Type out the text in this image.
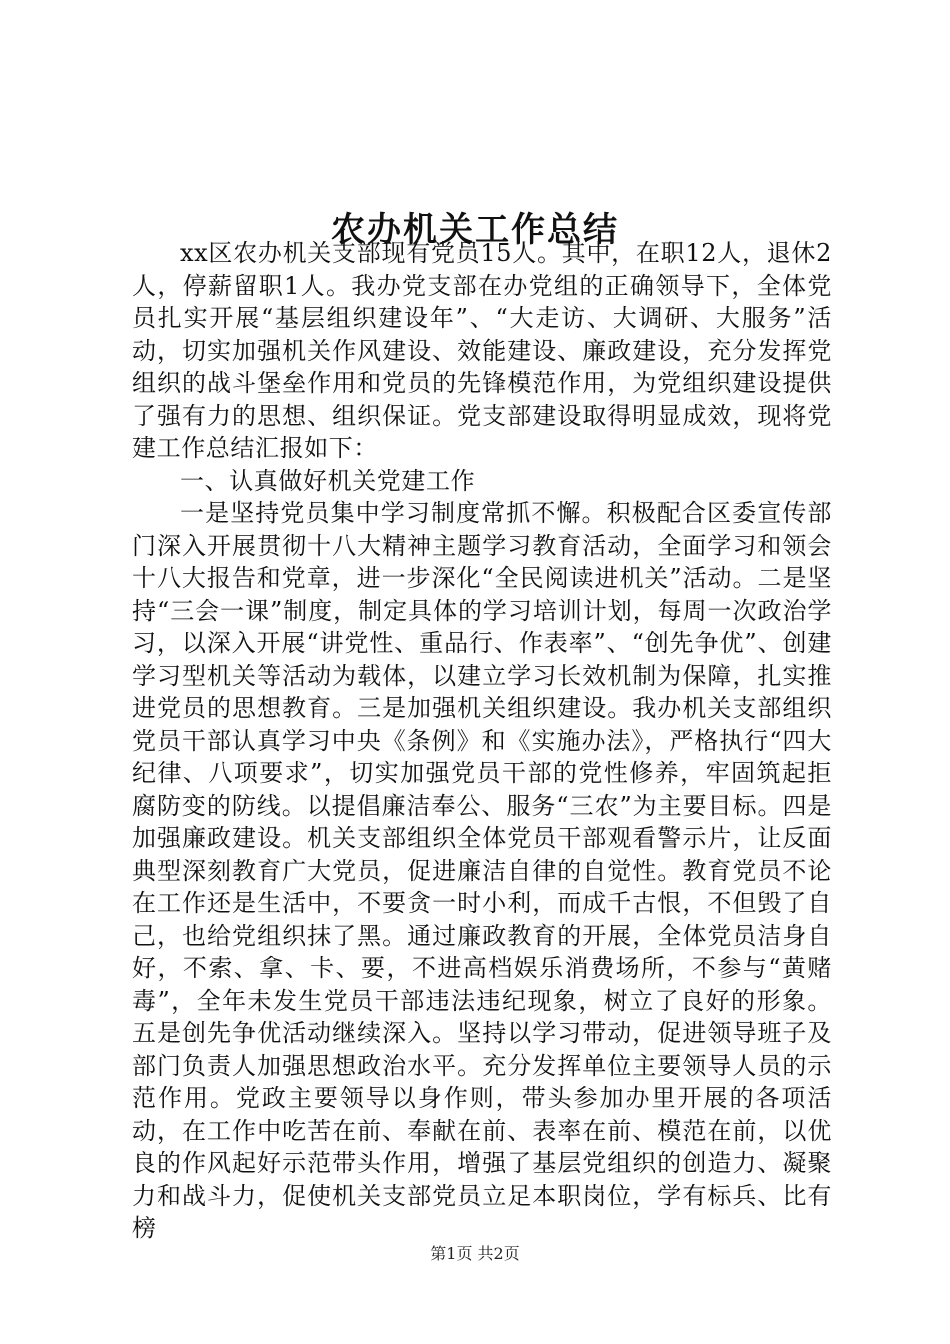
农办机关工作总结

xx区农办机关支部现有党员15人。其中，在职12人，退休2人，停薪留职1人。我办党支部在办党组的正确领导下，全体党员扎实开展“基层组织建设年”、“大走访、大调研、大服务”活动，切实加强机关作风建设、效能建设、廉政建设，充分发挥党组织的战斗堡垒作用和党员的先锋模范作用，为党组织建设提供了强有力的思想、组织保证。党支部建设取得明显成效，现将党建工作总结汇报如下：

一、认真做好机关党建工作

一是坚持党员集中学习制度常抓不懈。积极配合区委宣传部门深入开展贯彻十八大精神主题学习教育活动，全面学习和领会十八大报告和党章，进一步深化“全民阅读进机关”活动。二是坚持“三会一课”制度，制定具体的学习培训计划，每周一次政治学习，以深入开展“讲党性、重品行、作表率”、“创先争优”、创建学习型机关等活动为载体，以建立学习长效机制为保障，扎实推进党员的思想教育。三是加强机关组织建设。我办机关支部组织党员干部认真学习中央《条例》和《实施办法》，严格执行“四大纪律、八项要求”，切实加强党员干部的党性修养，牢固筑起拒腐防变的防线。以提倡廉洁奉公、服务“三农”为主要目标。四是加强廉政建设。机关支部组织全体党员干部观看警示片，让反面典型深刻教育广大党员，促进廉洁自律的自觉性。教育党员不论在工作还是生活中，不要贪一时小利，而成千古恨，不但毁了自己，也给党组织抹了黑。通过廉政教育的开展，全体党员洁身自好，不索、拿、卡、要，不进高档娱乐消费场所，不参与“黄赌毒”，全年未发生党员干部违法违纪现象，树立了良好的形象。五是创先争优活动继续深入。坚持以学习带动，促进领导班子及部门负责人加强思想政治水平。充分发挥单位主要领导人员的示范作用。党政主要领导以身作则，带头参加办里开展的各项活动，在工作中吃苦在前、奉献在前、表率在前、模范在前，以优良的作风起好示范带头作用，增强了基层党组织的创造力、凝聚力和战斗力，促使机关支部党员立足本职岗位，学有标兵、比有榜

第1页 共2页
